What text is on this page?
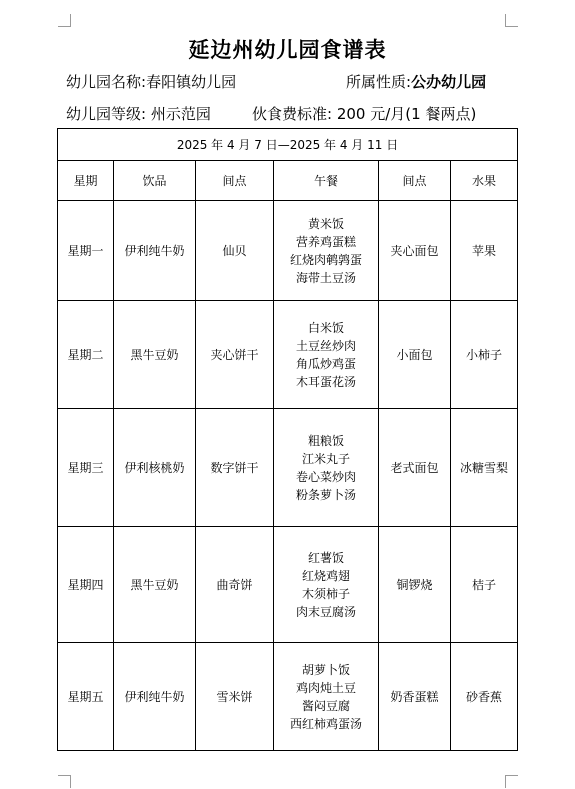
延边州幼儿园食谱表
幼儿园名称:春阳镇幼儿园	所属性质:公办幼儿园
幼儿园等级: 州示范园	伙食费标准: 200 元/月(1 餐两点)
2025 年 4 月 7 日—2025 年 4 月 11 日					
星期	饮品	间点	午餐	间点	水果
星期一	伊利纯牛奶	仙贝	黄米饭
营养鸡蛋糕
红烧肉鹌鹑蛋
海带土豆汤	夹心面包	苹果
星期二	黑牛豆奶	夹心饼干	白米饭
土豆丝炒肉
角瓜炒鸡蛋
木耳蛋花汤	小面包	小柿子
星期三	伊利核桃奶	数字饼干	粗粮饭
江米丸子
卷心菜炒肉
粉条萝卜汤	老式面包	冰糖雪梨
星期四	黑牛豆奶	曲奇饼	红薯饭
红烧鸡翅
木须柿子
肉末豆腐汤	铜锣烧	桔子
星期五	伊利纯牛奶	雪米饼	胡萝卜饭
鸡肉炖土豆
酱闷豆腐
西红柿鸡蛋汤	奶香蛋糕	砂香蕉
